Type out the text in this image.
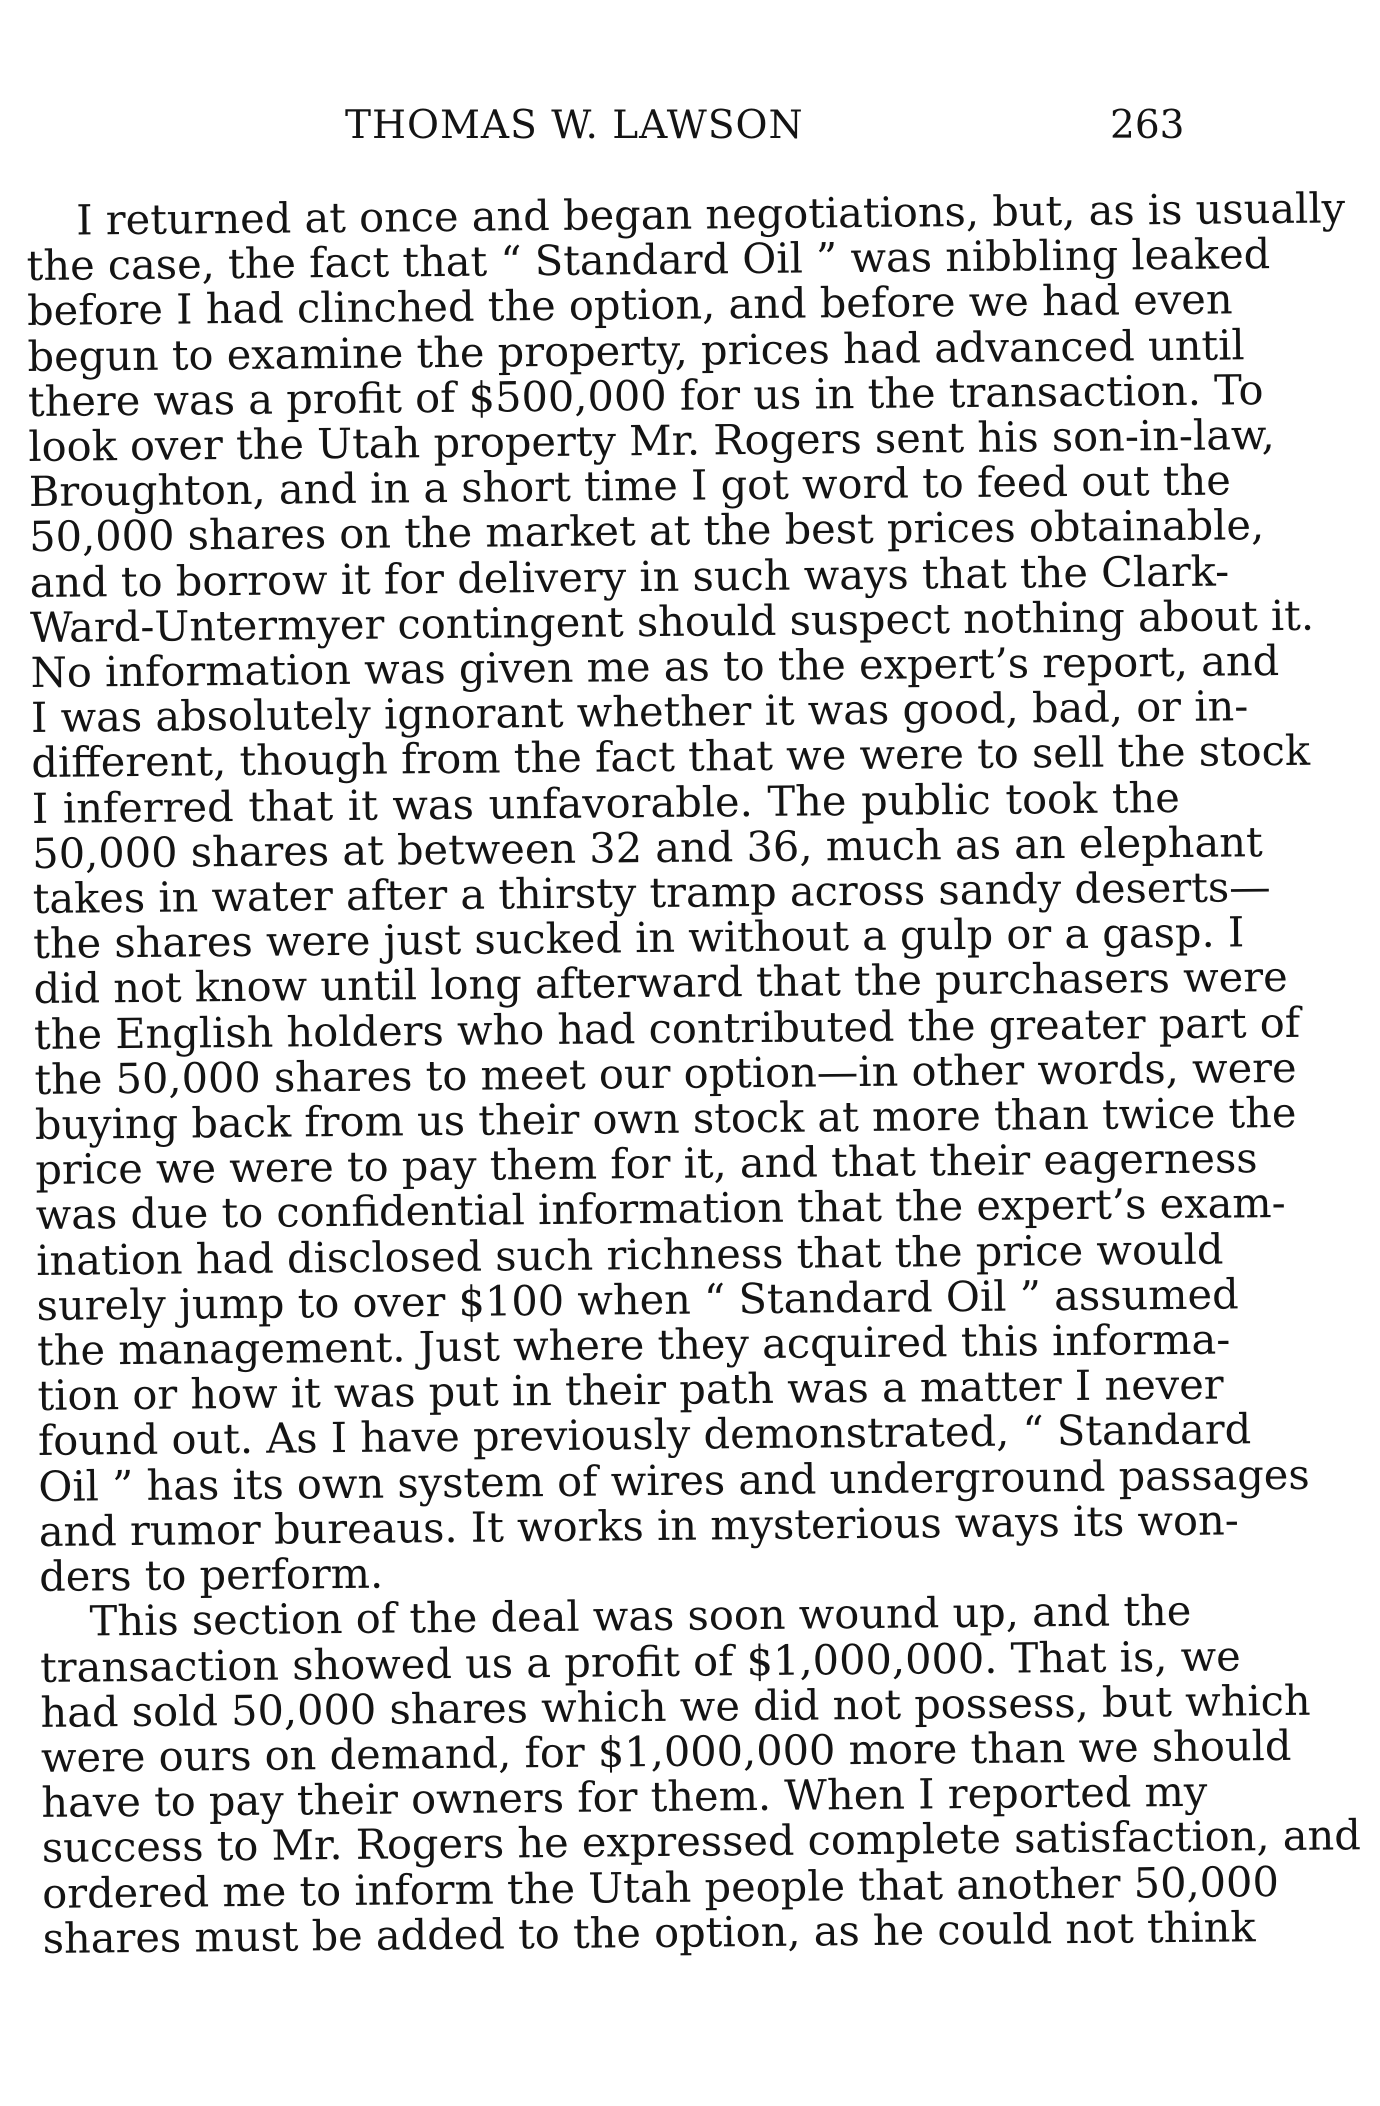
THOMAS W. LAWSON	263
I returned at once and began negotiations, but, as is usually
the case, the fact that “ Standard Oil ” was nibbling leaked
before I had clinched the option, and before we had even
begun to examine the property, prices had advanced until
there was a profit of $500,000 for us in the transaction. To
look over the Utah property Mr. Rogers sent his son-in-law,
Broughton, and in a short time I got word to feed out the
50,000 shares on the market at the best prices obtainable,
and to borrow it for delivery in such ways that the Clark-
Ward-Untermyer contingent should suspect nothing about it.
No information was given me as to the expert’s report, and
I was absolutely ignorant whether it was good, bad, or in-
different, though from the fact that we were to sell the stock
I inferred that it was unfavorable. The public took the
50,000 shares at between 32 and 36, much as an elephant
takes in water after a thirsty tramp across sandy deserts—
the shares were just sucked in without a gulp or a gasp. I
did not know until long afterward that the purchasers were
the English holders who had contributed the greater part of
the 50,000 shares to meet our option—in other words, were
buying back from us their own stock at more than twice the
price we were to pay them for it, and that their eagerness
was due to confidential information that the expert’s exam-
ination had disclosed such richness that the price would
surely jump to over $100 when “ Standard Oil ” assumed
the management. Just where they acquired this informa-
tion or how it was put in their path was a matter I never
found out. As I have previously demonstrated, “ Standard
Oil ” has its own system of wires and underground passages
and rumor bureaus. It works in mysterious ways its won-
ders to perform.
This section of the deal was soon wound up, and the
transaction showed us a profit of $1,000,000. That is, we
had sold 50,000 shares which we did not possess, but which
were ours on demand, for $1,000,000 more than we should
have to pay their owners for them. When I reported my
success to Mr. Rogers he expressed complete satisfaction, and
ordered me to inform the Utah people that another 50,000
shares must be added to the option, as he could not think
